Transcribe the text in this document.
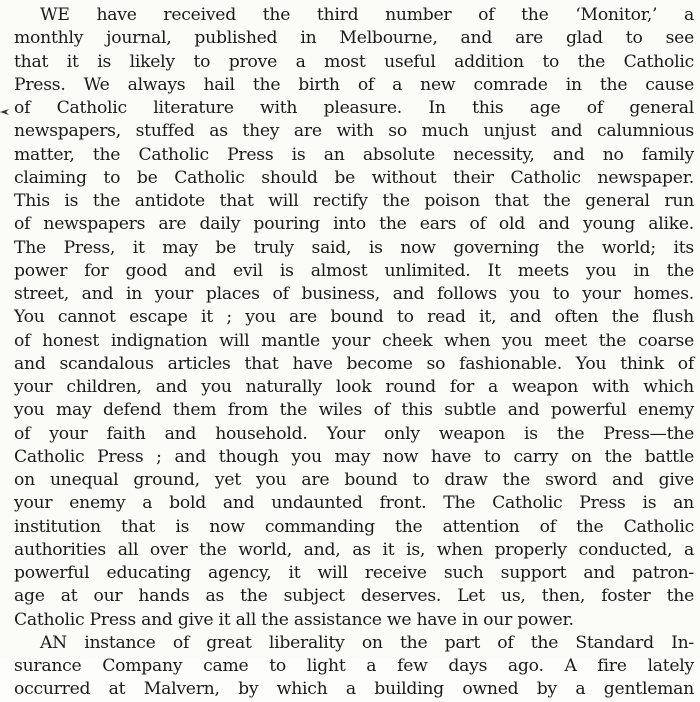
WE have received the third number of the ‘Monitor,’ a
monthly journal, published in Melbourne, and are glad to see
that it is likely to prove a most useful addition to the Catholic
Press. We always hail the birth of a new comrade in the cause
of Catholic literature with pleasure. In this age of general
newspapers, stuffed as they are with so much unjust and calumnious
matter, the Catholic Press is an absolute necessity, and no family
claiming to be Catholic should be without their Catholic newspaper.
This is the antidote that will rectify the poison that the general run
of newspapers are daily pouring into the ears of old and young alike.
The Press, it may be truly said, is now governing the world; its
power for good and evil is almost unlimited. It meets you in the
street, and in your places of business, and follows you to your homes.
You cannot escape it ; you are bound to read it, and often the flush
of honest indignation will mantle your cheek when you meet the coarse
and scandalous articles that have become so fashionable. You think of
your children, and you naturally look round for a weapon with which
you may defend them from the wiles of this subtle and powerful enemy
of your faith and household. Your only weapon is the Press—the
Catholic Press ; and though you may now have to carry on the battle
on unequal ground, yet you are bound to draw the sword and give
your enemy a bold and undaunted front. The Catholic Press is an
institution that is now commanding the attention of the Catholic
authorities all over the world, and, as it is, when properly conducted, a
powerful educating agency, it will receive such support and patron-
age at our hands as the subject deserves. Let us, then, foster the
Catholic Press and give it all the assistance we have in our power.
AN instance of great liberality on the part of the Standard In-
surance Company came to light a few days ago. A fire lately
occurred at Malvern, by which a building owned by a gentleman
